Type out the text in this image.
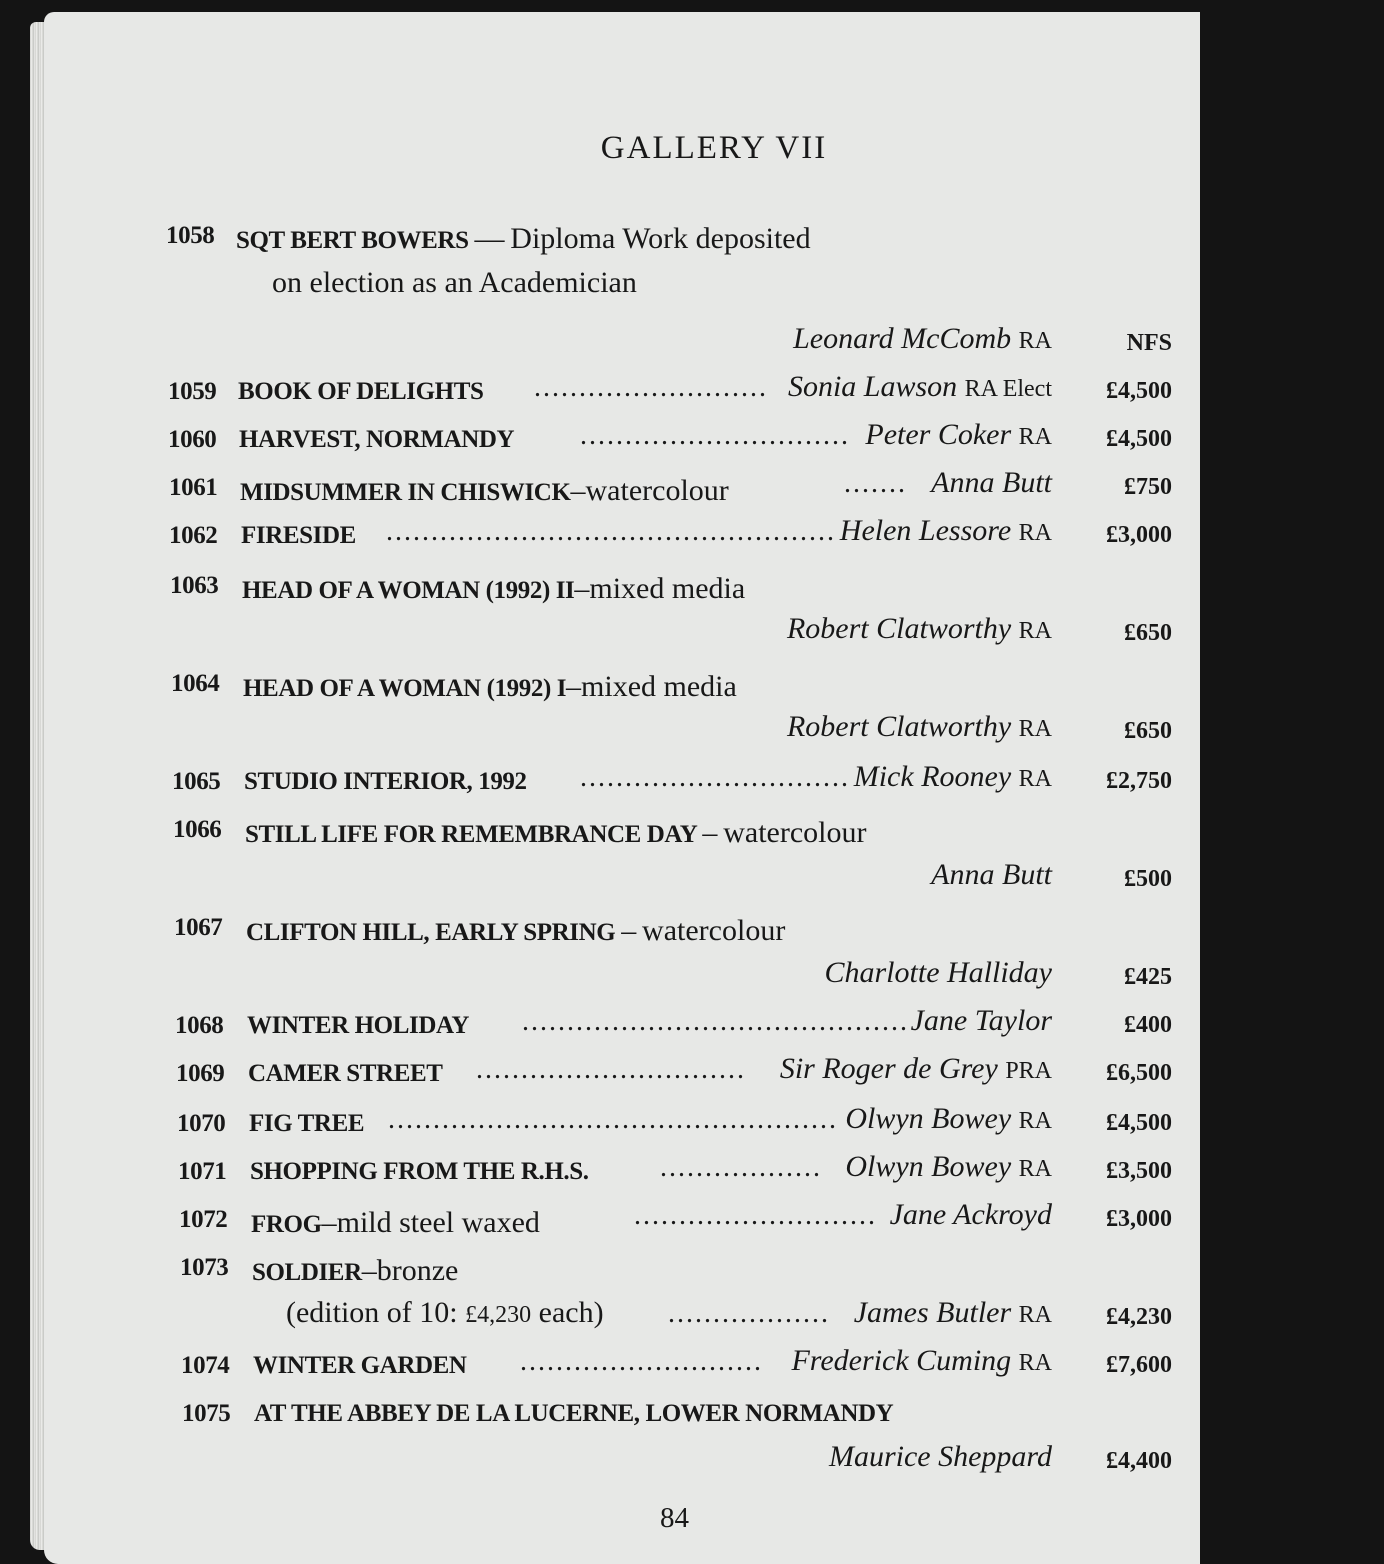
GALLERY VII
1058 SQT BERT BOWERS — Diploma Work deposited
on election as an Academician
Leonard McComb RA	NFS
1059 BOOK OF DELIGHTS .......................... Sonia Lawson RA Elect £4,500
1060 HARVEST, NORMANDY .............................. Peter Coker RA £4,500
1061 MIDSUMMER IN CHISWICK–watercolour	....... Anna Butt	£750
1062 FIRESIDE .................................................. Helen Lessore RA £3,000
1063 HEAD OF A WOMAN (1992) II–mixed media
Robert Clatworthy RA	£650
1064 HEAD OF A WOMAN (1992) I–mixed media
Robert Clatworthy RA	£650
1065 STUDIO INTERIOR, 1992 .............................. Mick Rooney RA £2,750
1066 STILL LIFE FOR REMEMBRANCE DAY – watercolour
Anna Butt	£500
1067 CLIFTON HILL, EARLY SPRING – watercolour
Charlotte Halliday	£425
1068 WINTER HOLIDAY ........................................... Jane Taylor	£400
1069 CAMER STREET .............................. Sir Roger de Grey PRA £6,500
1070 FIG TREE .................................................. Olwyn Bowey RA £4,500
1071 SHOPPING FROM THE R.H.S.	.................. Olwyn Bowey RA £3,500
1072 FROG–mild steel waxed	........................... Jane Ackroyd £3,000
1073 SOLDIER–bronze
(edition of 10: £4,230 each) .................. James Butler RA £4,230
1074 WINTER GARDEN ........................... Frederick Cuming RA £7,600
1075 AT THE ABBEY DE LA LUCERNE, LOWER NORMANDY
Maurice Sheppard £4,400
84
